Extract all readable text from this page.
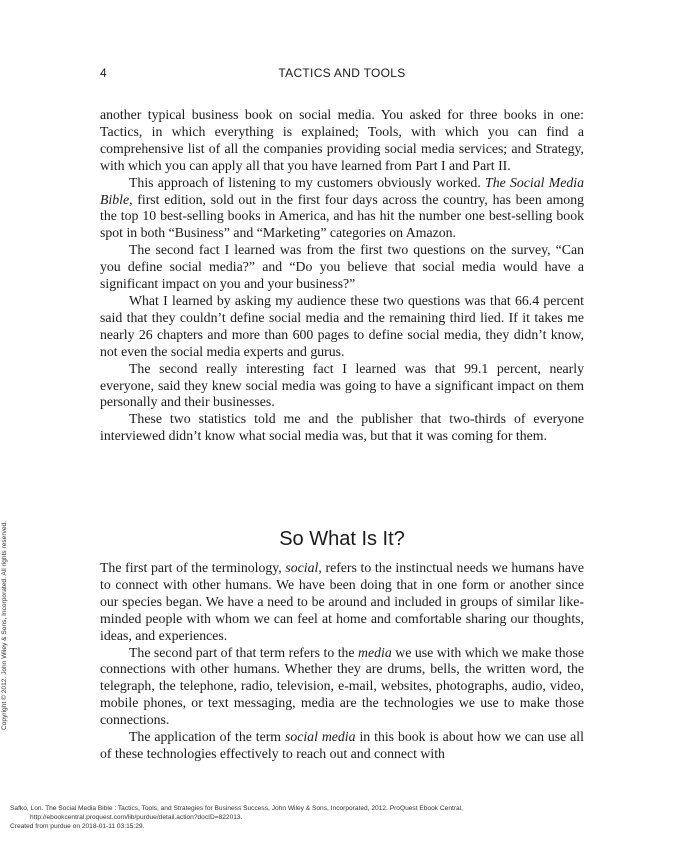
4	TACTICS AND TOOLS

another typical business book on social media. You asked for three books in one: Tactics, in which everything is explained; Tools, with which you can find a comprehensive list of all the companies providing social media services; and Strategy, with which you can apply all that you have learned from Part I and Part II.

This approach of listening to my customers obviously worked. The Social Media Bible, first edition, sold out in the first four days across the country, has been among the top 10 best-selling books in America, and has hit the number one best-selling book spot in both “Business” and “Marketing” categories on Amazon.

The second fact I learned was from the first two questions on the survey, “Can you define social media?” and “Do you believe that social media would have a significant impact on you and your business?”

What I learned by asking my audience these two questions was that 66.4 percent said that they couldn’t define social media and the remaining third lied. If it takes me nearly 26 chapters and more than 600 pages to define social media, they didn’t know, not even the social media experts and gurus.

The second really interesting fact I learned was that 99.1 percent, nearly everyone, said they knew social media was going to have a significant impact on them personally and their businesses.

These two statistics told me and the publisher that two-thirds of everyone interviewed didn’t know what social media was, but that it was coming for them.

So What Is It?

The first part of the terminology, social, refers to the instinctual needs we humans have to connect with other humans. We have been doing that in one form or another since our species began. We have a need to be around and included in groups of similar like-minded people with whom we can feel at home and comfortable sharing our thoughts, ideas, and experiences.

The second part of that term refers to the media we use with which we make those connections with other humans. Whether they are drums, bells, the written word, the telegraph, the telephone, radio, television, e-mail, websites, photographs, audio, video, mobile phones, or text messaging, media are the technologies we use to make those connections.

The application of the term social media in this book is about how we can use all of these technologies effectively to reach out and connect with

Copyright © 2012. John Wiley & Sons, Incorporated. All rights reserved.
Safko, Lon. The Social Media Bible : Tactics, Tools, and Strategies for Business Success, John Wiley & Sons, Incorporated, 2012. ProQuest Ebook Central,
http://ebookcentral.proquest.com/lib/purdue/detail.action?docID=822013.
Created from purdue on 2018-01-11 03:15:29.
